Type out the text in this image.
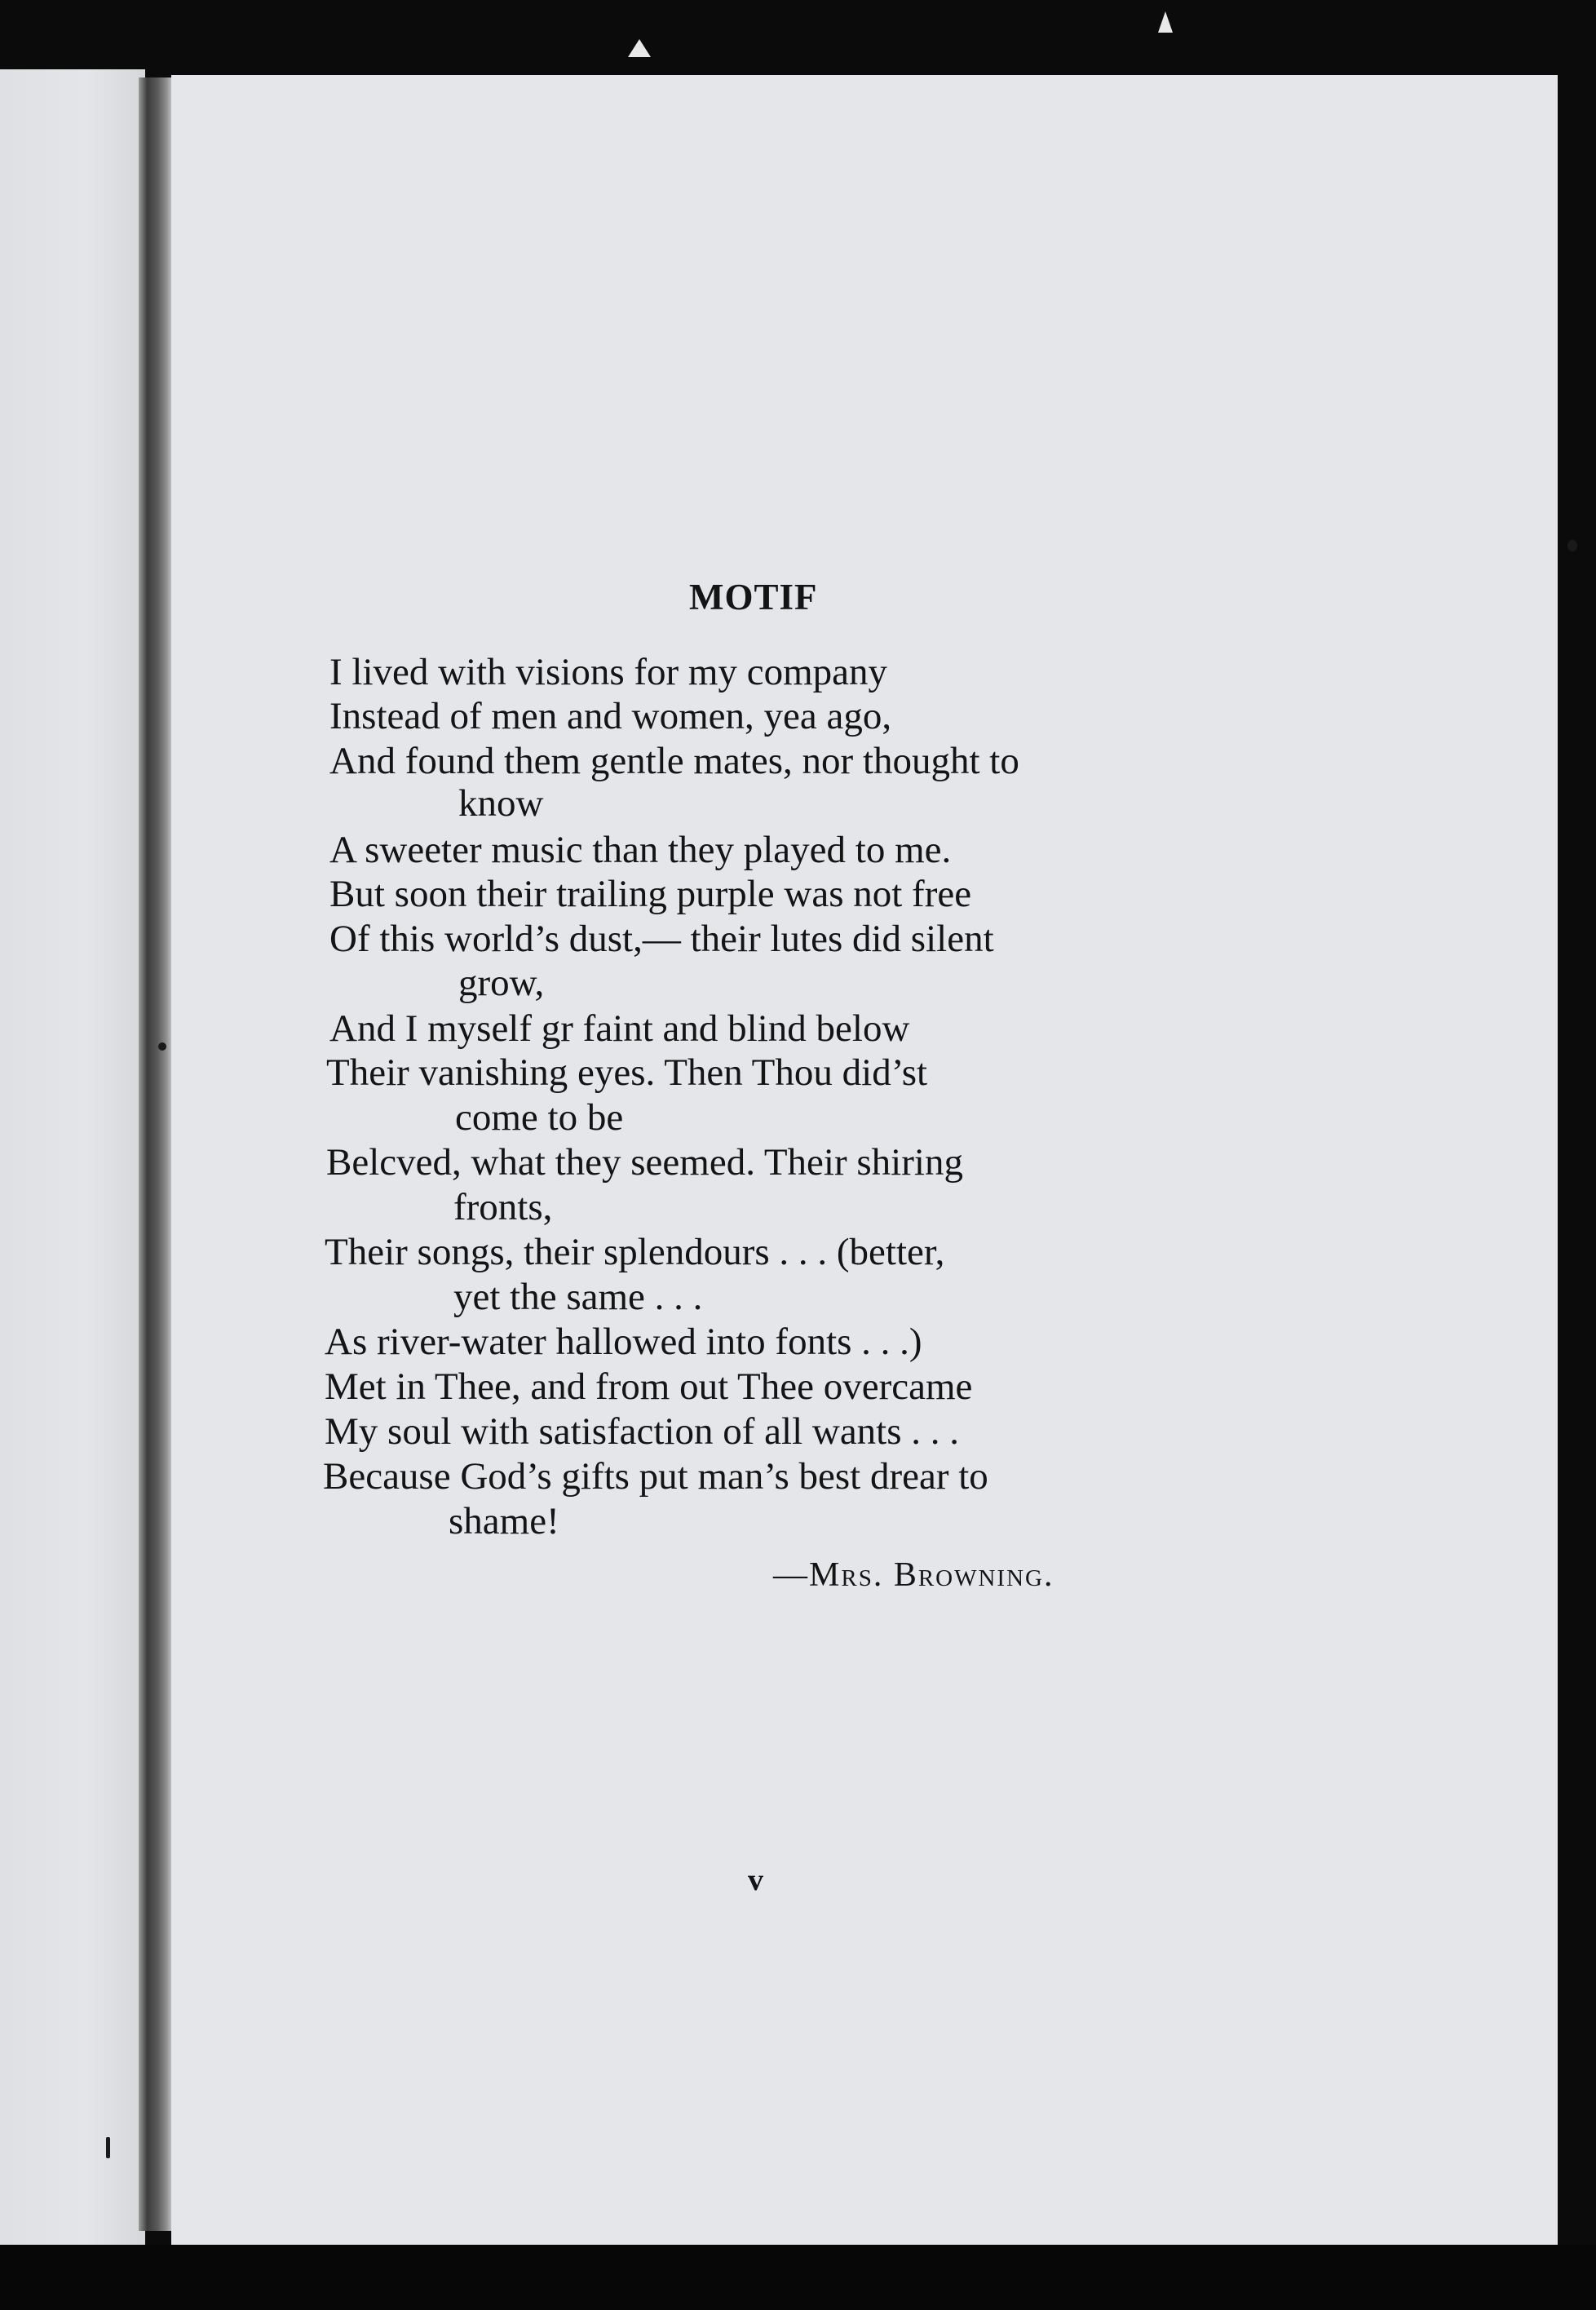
MOTIF
I lived with visions for my company
Instead of men and women, yea ago,
And found them gentle mates, nor thought to
know
A sweeter music than they played to me.
But soon their trailing purple was not free
Of this world’s dust,— their lutes did silent
grow,
And I myself gr faint and blind below
Their vanishing eyes. Then Thou did’st
come to be
Belcved, what they seemed. Their shiring
fronts,
Their songs, their splendours . . . (better,
yet the same . . .
As river-water hallowed into fonts . . .)
Met in Thee, and from out Thee overcame
My soul with satisfaction of all wants . . .
Because God’s gifts put man’s best drear to
shame!
—Mrs. Browning.
v
